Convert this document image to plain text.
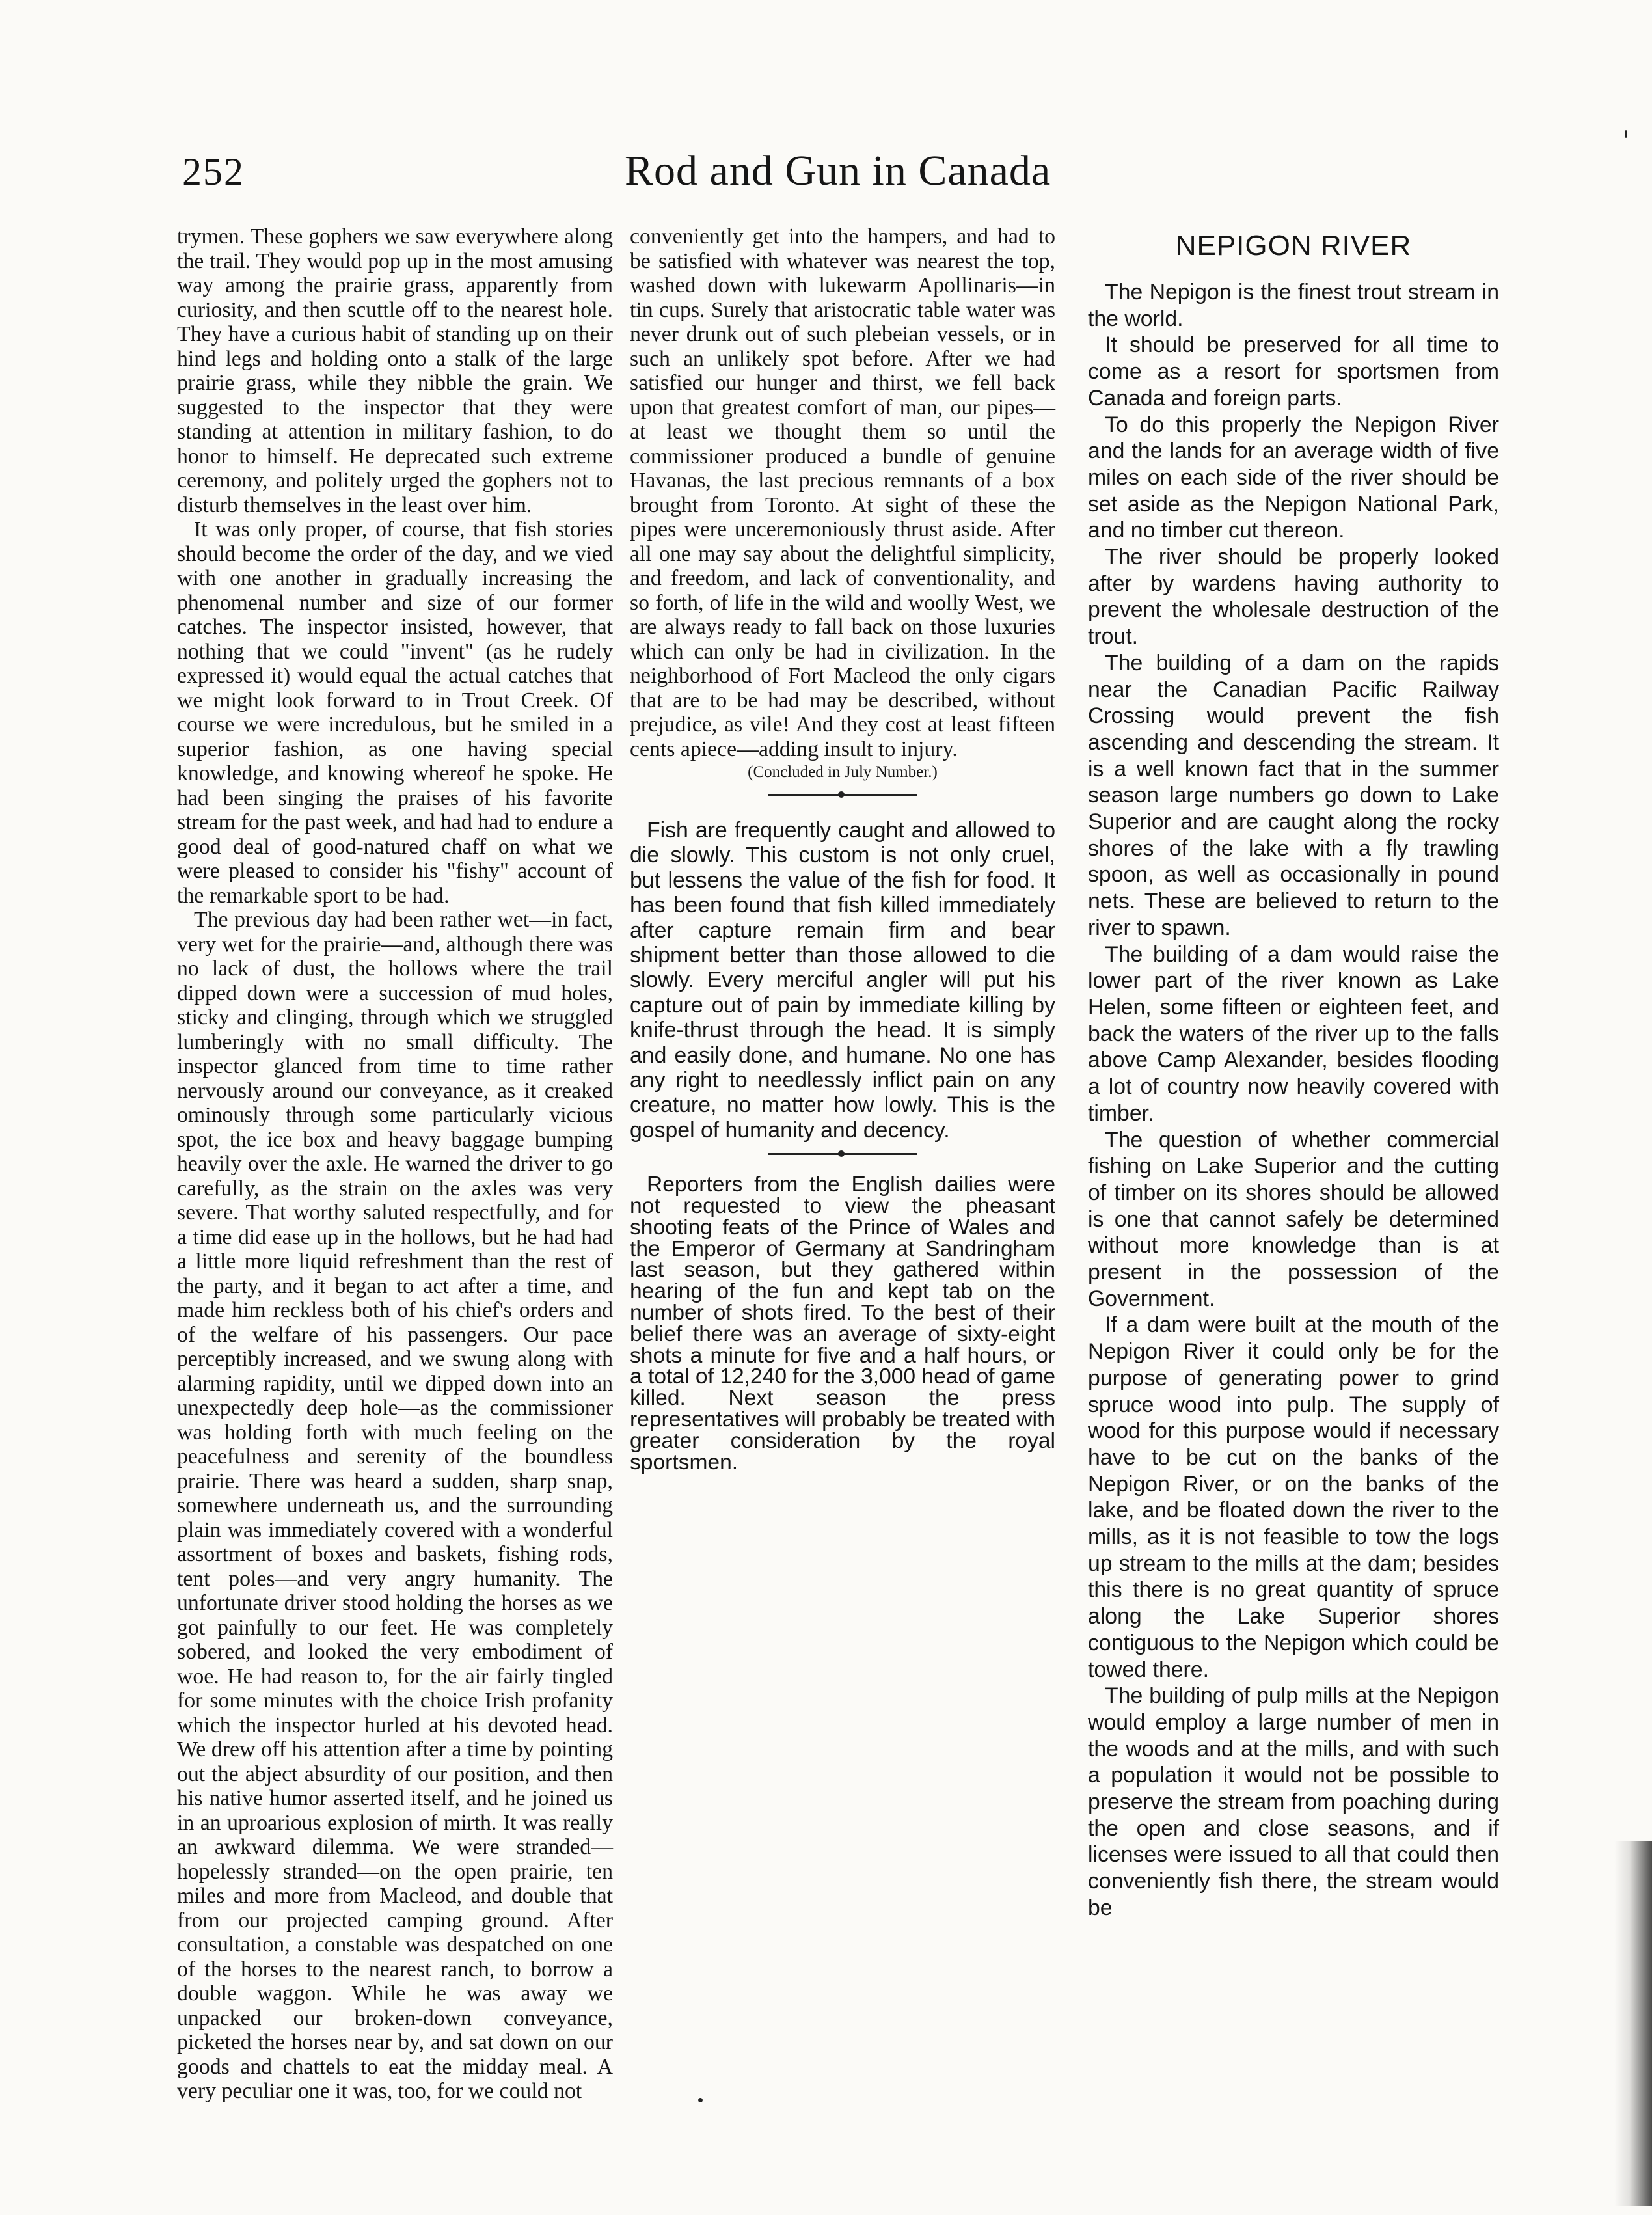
252	Rod and Gun in Canada

trymen. These gophers we saw everywhere along the trail. They would pop up in the most amusing way among the prairie grass, apparently from curiosity, and then scuttle off to the nearest hole. They have a curious habit of standing up on their hind legs and holding onto a stalk of the large prairie grass, while they nibble the grain. We suggested to the inspector that they were standing at attention in military fashion, to do honor to himself. He deprecated such extreme ceremony, and politely urged the gophers not to disturb themselves in the least over him.

It was only proper, of course, that fish stories should become the order of the day, and we vied with one another in gradually increasing the phenomenal number and size of our former catches. The inspector insisted, however, that nothing that we could "invent" (as he rudely expressed it) would equal the actual catches that we might look forward to in Trout Creek. Of course we were incredulous, but he smiled in a superior fashion, as one having special knowledge, and knowing whereof he spoke. He had been singing the praises of his favorite stream for the past week, and had had to endure a good deal of good-natured chaff on what we were pleased to consider his "fishy" account of the remarkable sport to be had.

The previous day had been rather wet—in fact, very wet for the prairie—and, although there was no lack of dust, the hollows where the trail dipped down were a succession of mud holes, sticky and clinging, through which we struggled lumberingly with no small difficulty. The inspector glanced from time to time rather nervously around our conveyance, as it creaked ominously through some particularly vicious spot, the ice box and heavy baggage bumping heavily over the axle. He warned the driver to go carefully, as the strain on the axles was very severe. That worthy saluted respectfully, and for a time did ease up in the hollows, but he had had a little more liquid refreshment than the rest of the party, and it began to act after a time, and made him reckless both of his chief's orders and of the welfare of his passengers. Our pace perceptibly increased, and we swung along with alarming rapidity, until we dipped down into an unexpectedly deep hole—as the commissioner was holding forth with much feeling on the peacefulness and serenity of the boundless prairie. There was heard a sudden, sharp snap, somewhere underneath us, and the surrounding plain was immediately covered with a wonderful assortment of boxes and baskets, fishing rods, tent poles—and very angry humanity. The unfortunate driver stood holding the horses as we got painfully to our feet. He was completely sobered, and looked the very embodiment of woe. He had reason to, for the air fairly tingled for some minutes with the choice Irish profanity which the inspector hurled at his devoted head. We drew off his attention after a time by pointing out the abject absurdity of our position, and then his native humor asserted itself, and he joined us in an uproarious explosion of mirth. It was really an awkward dilemma. We were stranded—hopelessly stranded—on the open prairie, ten miles and more from Macleod, and double that from our projected camping ground. After consultation, a constable was despatched on one of the horses to the nearest ranch, to borrow a double waggon. While he was away we unpacked our broken-down conveyance, picketed the horses near by, and sat down on our goods and chattels to eat the midday meal. A very peculiar one it was, too, for we could not

conveniently get into the hampers, and had to be satisfied with whatever was nearest the top, washed down with lukewarm Apollinaris—in tin cups. Surely that aristocratic table water was never drunk out of such plebeian vessels, or in such an unlikely spot before. After we had satisfied our hunger and thirst, we fell back upon that greatest comfort of man, our pipes—at least we thought them so until the commissioner produced a bundle of genuine Havanas, the last precious remnants of a box brought from Toronto. At sight of these the pipes were unceremoniously thrust aside. After all one may say about the delightful simplicity, and freedom, and lack of conventionality, and so forth, of life in the wild and woolly West, we are always ready to fall back on those luxuries which can only be had in civilization. In the neighborhood of Fort Macleod the only cigars that are to be had may be described, without prejudice, as vile! And they cost at least fifteen cents apiece—adding insult to injury.

(Concluded in July Number.)

Fish are frequently caught and allowed to die slowly. This custom is not only cruel, but lessens the value of the fish for food. It has been found that fish killed immediately after capture remain firm and bear shipment better than those allowed to die slowly. Every merciful angler will put his capture out of pain by immediate killing by knife-thrust through the head. It is simply and easily done, and humane. No one has any right to needlessly inflict pain on any creature, no matter how lowly. This is the gospel of humanity and decency.

Reporters from the English dailies were not requested to view the pheasant shooting feats of the Prince of Wales and the Emperor of Germany at Sandringham last season, but they gathered within hearing of the fun and kept tab on the number of shots fired. To the best of their belief there was an average of sixty-eight shots a minute for five and a half hours, or a total of 12,240 for the 3,000 head of game killed. Next season the press representatives will probably be treated with greater consideration by the royal sportsmen.

NEPIGON RIVER

The Nepigon is the finest trout stream in the world.

It should be preserved for all time to come as a resort for sportsmen from Canada and foreign parts.

To do this properly the Nepigon River and the lands for an average width of five miles on each side of the river should be set aside as the Nepigon National Park, and no timber cut thereon.

The river should be properly looked after by wardens having authority to prevent the wholesale destruction of the trout.

The building of a dam on the rapids near the Canadian Pacific Railway Crossing would prevent the fish ascending and descending the stream. It is a well known fact that in the summer season large numbers go down to Lake Superior and are caught along the rocky shores of the lake with a fly trawling spoon, as well as occasionally in pound nets. These are believed to return to the river to spawn.

The building of a dam would raise the lower part of the river known as Lake Helen, some fifteen or eighteen feet, and back the waters of the river up to the falls above Camp Alexander, besides flooding a lot of country now heavily covered with timber.

The question of whether commercial fishing on Lake Superior and the cutting of timber on its shores should be allowed is one that cannot safely be determined without more knowledge than is at present in the possession of the Government.

If a dam were built at the mouth of the Nepigon River it could only be for the purpose of generating power to grind spruce wood into pulp. The supply of wood for this purpose would if necessary have to be cut on the banks of the Nepigon River, or on the banks of the lake, and be floated down the river to the mills, as it is not feasible to tow the logs up stream to the mills at the dam; besides this there is no great quantity of spruce along the Lake Superior shores contiguous to the Nepigon which could be towed there.

The building of pulp mills at the Nepigon would employ a large number of men in the woods and at the mills, and with such a population it would not be possible to preserve the stream from poaching during the open and close seasons, and if licenses were issued to all that could then conveniently fish there, the stream would be
